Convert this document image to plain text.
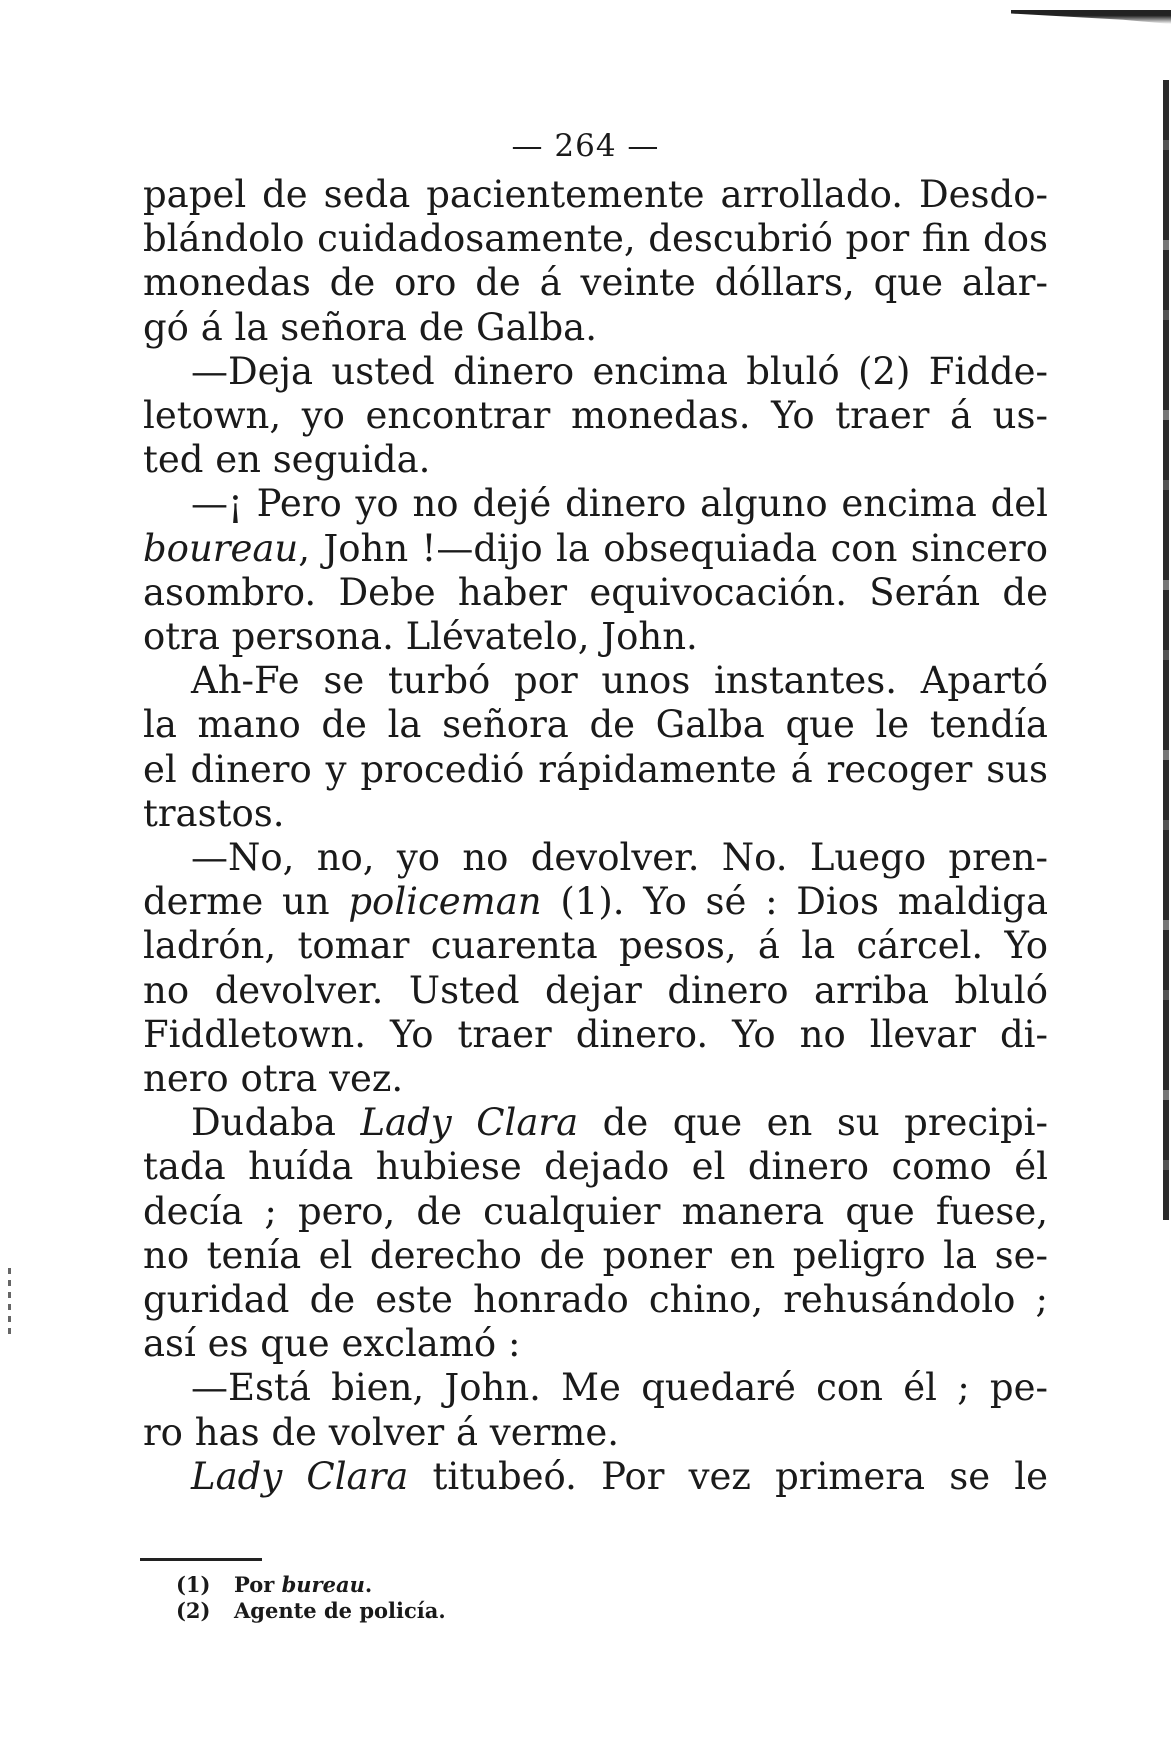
— 264 —

papel de seda pacientemente arrollado. Desdo-
blándolo cuidadosamente, descubrió por fin dos
monedas de oro de á veinte dóllars, que alar-
gó á la señora de Galba.
—Deja usted dinero encima bluló (2) Fidde-
letown, yo encontrar monedas. Yo traer á us-
ted en seguida.
—¡ Pero yo no dejé dinero alguno encima del
boureau, John !—dijo la obsequiada con sincero
asombro. Debe haber equivocación. Serán de
otra persona. Llévatelo, John.
Ah-Fe se turbó por unos instantes. Apartó
la mano de la señora de Galba que le tendía
el dinero y procedió rápidamente á recoger sus
trastos.
—No, no, yo no devolver. No. Luego pren-
derme un policeman (1). Yo sé : Dios maldiga
ladrón, tomar cuarenta pesos, á la cárcel. Yo
no devolver. Usted dejar dinero arriba bluló
Fiddletown. Yo traer dinero. Yo no llevar di-
nero otra vez.
Dudaba Lady Clara de que en su precipi-
tada huída hubiese dejado el dinero como él
decía ; pero, de cualquier manera que fuese,
no tenía el derecho de poner en peligro la se-
guridad de este honrado chino, rehusándolo ;
así es que exclamó :
—Está bien, John. Me quedaré con él ; pe-
ro has de volver á verme.
Lady Clara titubeó. Por vez primera se le
(1) Por bureau.
(2) Agente de policía.
